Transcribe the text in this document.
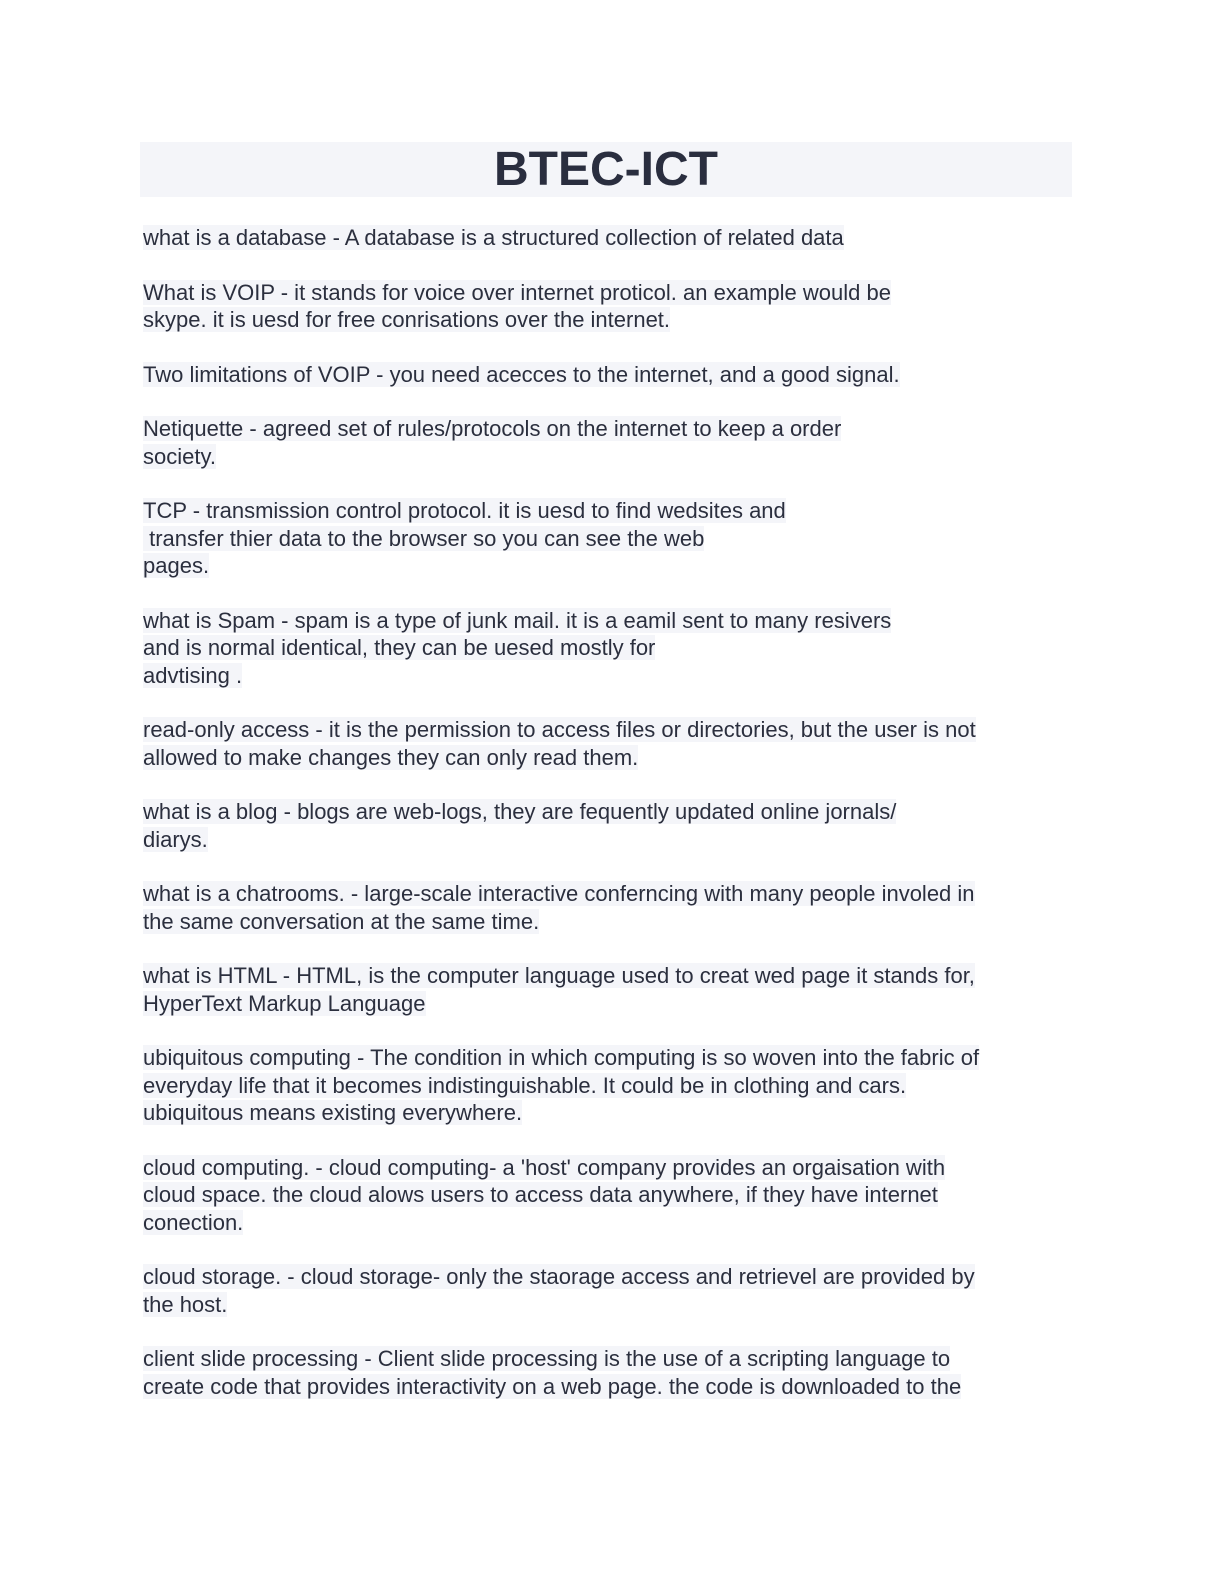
BTEC-ICT
what is a database - A database is a structured collection of related data
What is VOIP - it stands for voice over internet proticol. an example would be
skype. it is uesd for free conrisations over the internet.
Two limitations of VOIP - you need acecces to the internet, and a good signal.
Netiquette - agreed set of rules/protocols on the internet to keep a order
society.
TCP - transmission control protocol. it is uesd to find wedsites and
transfer thier data to the browser so you can see the web
pages.
what is Spam - spam is a type of junk mail. it is a eamil sent to many resivers
and is normal identical, they can be uesed mostly for
advtising .
read-only access - it is the permission to access files or directories, but the user is not
allowed to make changes they can only read them.
what is a blog - blogs are web-logs, they are fequently updated online jornals/
diarys.
what is a chatrooms. - large-scale interactive conferncing with many people involed in
the same conversation at the same time.
what is HTML - HTML, is the computer language used to creat wed page it stands for,
HyperText Markup Language
ubiquitous computing - The condition in which computing is so woven into the fabric of
everyday life that it becomes indistinguishable. It could be in clothing and cars.
ubiquitous means existing everywhere.
cloud computing. - cloud computing- a 'host' company provides an orgaisation with
cloud space. the cloud alows users to access data anywhere, if they have internet
conection.
cloud storage. - cloud storage- only the staorage access and retrievel are provided by
the host.
client slide processing - Client slide processing is the use of a scripting language to
create code that provides interactivity on a web page. the code is downloaded to the
